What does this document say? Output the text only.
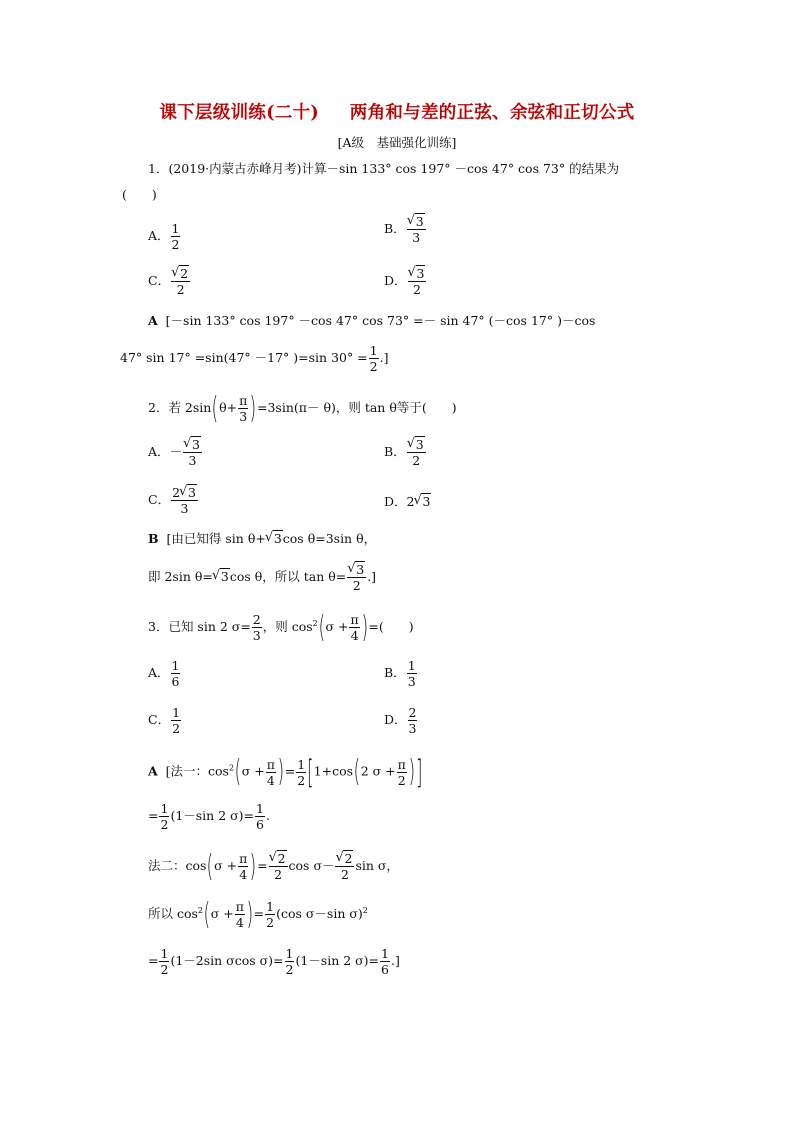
课下层级训练(二十) 两角和与差的正弦、余弦和正切公式
[A级　基础强化训练]
1．(2019·内蒙古赤峰月考)计算－sin 133° cos 197° －cos 47° cos 73° 的结果为
(　　)
A． $\frac{1}{2}$	B． √ $\frac{3}{3}$
C． √ $\frac{2}{2}$	D． √ $\frac{3}{2}$
A [－sin 133° cos 197° －cos 47° cos 73° =－ sin 47° (－cos 17° )－cos
47° sin 17° =sin(47° －17° )=sin $30^\circ = \frac{1}{2}$ .]
2．若 $2\sin(\theta+ \frac{\pi}{3} )=3\sin(\pi- \theta)$，则 tan θ等于(　　)
A．－ √ $\frac{3}{3}$	B． √ $\frac{3}{2}$
C． $\frac{2 √ 3}{3}$	D．2 √ 3
B [由已知得 sin θ+ √ 3cos θ=3sin θ，
即 2sin θ= √ 3cos θ，所以 tan θ= √ $\frac{3}{2}$ .]
3．已知 sin 2 $\sigma= \frac{2}{3}$ ，则 $\cos^2(\sigma + \frac{\pi}{4}$ )=(　　)
A． $\frac{1}{6}$	B． $\frac{1}{3}$
C． $\frac{1}{2}$	D． $\frac{2}{3}$
A [法一：$\cos^2(\sigma + \frac{\pi}{4}$ )= $\frac{1}{2} [1+\cos(2$ $\sigma + \frac{\pi}{2}$ )]
= $\frac{1}{2} (1-\sin$ 2 $\sigma)= \frac{1}{6}$ .
法二：$\cos(\sigma + \frac{\pi}{4}$ )= √ $\frac{2}{2}$ cos σ－ √ $\frac{2}{2}$ sin σ，
所以 $\cos^2(\sigma + \frac{\pi}{4}$ )= $\frac{1}{2} (\cos$ σ－sin σ)$^2$
= $\frac{1}{2} (1-2\sin$ σcos $\sigma)= \frac{1}{2} (1-\sin$ 2 $\sigma)= \frac{1}{6}$ .]
